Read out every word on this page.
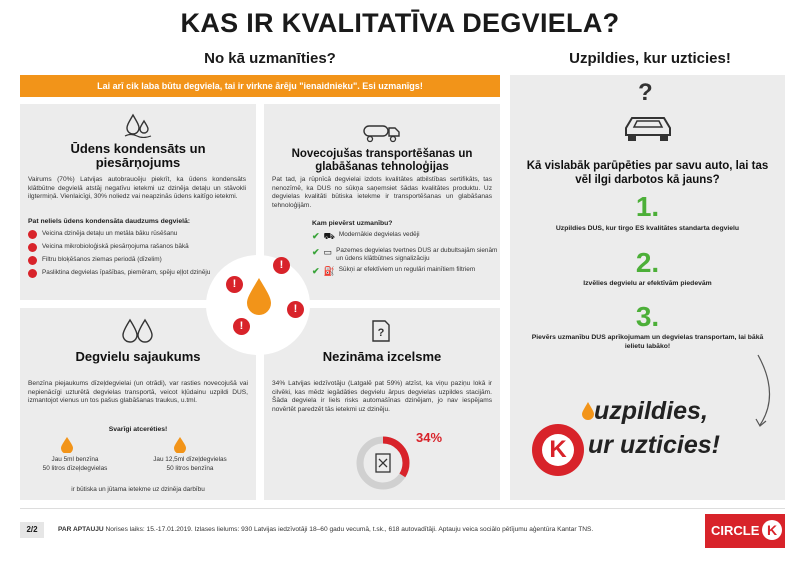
KAS IR KVALITATĪVA DEGVIELA?
No kā uzmanīties?	Uzpildies, kur uzticies!
Lai arī cik laba būtu degviela, tai ir virkne ārēju "ienaidnieku". Esi uzmanīgs!
Ūdens kondensāts un piesārņojums
Vairums (70%) Latvijas autobraucēju piekrīt, ka ūdens kondensāts klātbūtne degvielā atstāj negatīvu ietekmi uz dzinēja detaļu un stāvokli ilgtermiņā. Vienlaicīgi, 30% noliedz vai neapzinās ūdens kaitīgo ietekmi.
Pat neliels ūdens kondensāta daudzums degvielā:
Veicina dzinēja detaļu un metāla bāku rūsēšanu
Veicina mikrobioloģiskā piesārņojuma rašanos bākā
Filtru bloķēšanos ziemas periodā (dīzelim)
Pasliktina degvielas īpašības, piemēram, spēju eļļot dzinēju
Novecojušas transportēšanas un glabāšanas tehnoloģijas
Pat tad, ja rūpnīcā degvielai izdots kvalitātes atbilstības sertifikāts, tas nenozīmē, ka DUS no sūkņa saņemsiet šādas kvalitātes produktu. Uz degvielas kvalitāti būtiska ietekme ir transportēšanas un glabāšanas tehnoloģijām.
Kam pievērst uzmanību?
✔ ⛟ Modernākie degvielas vedēji
✔ ▭ Pazemes degvielas tvertnes DUS ar dubultsajām sienām un ūdens klātbūtnes signalizāciju
✔ ⛽ Sūkņi ar efektīviem un regulāri mainītiem filtriem
Degvielu sajaukums
Benzīna piejaukums dīzeļdegvielai (un otrādi), var rasties novecojušā vai nepienācīgi uzturētā degvielas transportā, veicot kļūdainu uzpildi DUS, izmantojot vienus un tos pašus glabāšanas traukus, u.tml.
Svarīgi atceréties!
Jau 5ml benzīna
50 litros dīzeļdegvielas
Jau 12,5ml dīzeļdegvielas
50 litros benzīna
ir būtiska un jūtama ietekme uz dzinēja darbību
?
Nezināma izcelsme
34% Latvijas iedzīvotāju (Latgalē pat 59%) atzīst, ka viņu paziņu lokā ir cilvēki, kas mēdz iegādāties degvielu ārpus degvielas uzpildes stacijām. Šāda degviela ir liels risks automašīnas dzinējam, jo nav iespējams novērtēt paredzēt tās ietekmi uz dzinēju.
34%
!
!
!
!
?
Kā vislabāk parūpēties par savu auto, lai tas vēl ilgi darbotos kā jauns?
1.
Uzpildies DUS, kur tirgo ES kvalitātes standarta degvielu
2.
Izvēlies degvielu ar efektīvām piedevām
3.
Pievērs uzmanību DUS aprīkojumam un degvielas transportam, lai bākā ielietu labāko!
uzpildies,
K ur uzticies!
2/2	PAR APTAUJU Norises laiks: 15.-17.01.2019. Izlases lielums: 930 Latvijas iedzīvotāji 18–60 gadu vecumā, t.sk., 618 autovadītāji. Aptauju veica sociālo pētījumu aģentūra Kantar TNS.	CIRCLE K
